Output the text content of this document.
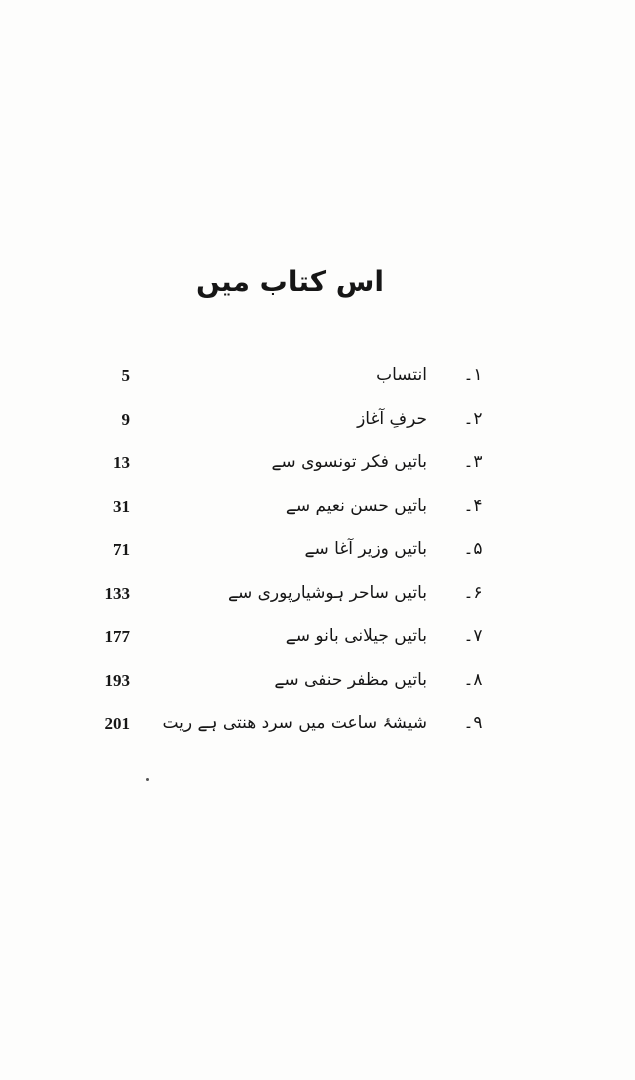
اس کتاب میں
5	انتساب	۱۔
9	حرفِ آغاز	۲۔
13	باتیں فکر تونسوی سے	۳۔
31	باتیں حسن نعیم سے	۴۔
71	باتیں وزیر آغا سے	۵۔
133	باتیں ساحر ہوشیارپوری سے	۶۔
177	باتیں جیلانی بانو سے	۷۔
193	باتیں مظفر حنفی سے	۸۔
201 شیشۂ ساعت میں سرد ھنتی ہے ریت	۹۔
